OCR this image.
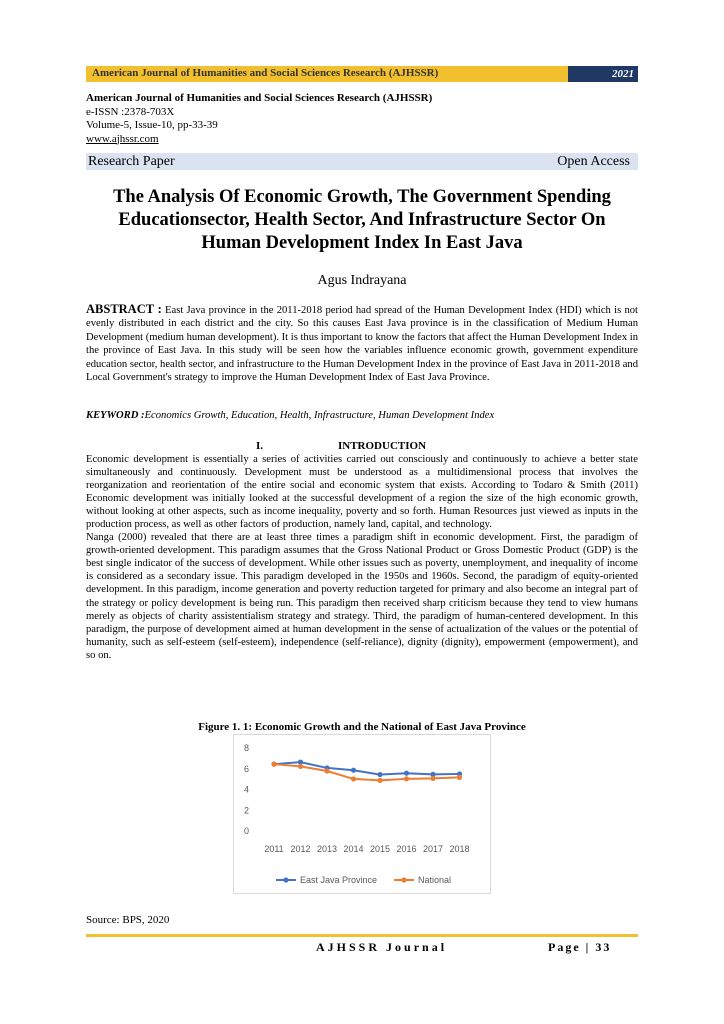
American Journal of Humanities and Social Sciences Research (AJHSSR)	2021
American Journal of Humanities and Social Sciences Research (AJHSSR)
e-ISSN :2378-703X
Volume-5, Issue-10, pp-33-39
www.ajhssr.com
Research Paper	Open Access
The Analysis Of Economic Growth, The Government Spending
Educationsector, Health Sector, And Infrastructure Sector On
Human Development Index In East Java
Agus Indrayana
ABSTRACT : East Java province in the 2011-2018 period had spread of the Human Development Index (HDI) which is not evenly distributed in each district and the city. So this causes East Java province is in the classification of Medium Human Development (medium human development). It is thus important to know the factors that affect the Human Development Index in the province of East Java. In this study will be seen how the variables influence economic growth, government expenditure education sector, health sector, and infrastructure to the Human Development Index in the province of East Java in 2011-2018 and Local Government's strategy to improve the Human Development Index of East Java Province.
KEYWORD :Economics Growth, Education, Health, Infrastructure, Human Development Index
I.	INTRODUCTION

Economic development is essentially a series of activities carried out consciously and continuously to achieve a better state simultaneously and continuously. Development must be understood as a multidimensional process that involves the reorganization and reorientation of the entire social and economic system that exists. According to Todaro & Smith (2011) Economic development was initially looked at the successful development of a region the size of the high economic growth, without looking at other aspects, such as income inequality, poverty and so forth. Human Resources just viewed as inputs in the production process, as well as other factors of production, namely land, capital, and technology.

Nanga (2000) revealed that there are at least three times a paradigm shift in economic development. First, the paradigm of growth-oriented development. This paradigm assumes that the Gross National Product or Gross Domestic Product (GDP) is the best single indicator of the success of development. While other issues such as poverty, unemployment, and inequality of income is considered as a secondary issue. This paradigm developed in the 1950s and 1960s. Second, the paradigm of equity-oriented development. In this paradigm, income generation and poverty reduction targeted for primary and also become an integral part of the strategy or policy development is being run. This paradigm then received sharp criticism because they tend to view humans merely as objects of charity assistentialism strategy and strategy. Third, the paradigm of human-centered development. In this paradigm, the purpose of development aimed at human development in the sense of actualization of the values or the potential of humanity, such as self-esteem (self-esteem), independence (self-reliance), dignity (dignity), empowerment (empowerment), and so on.

Figure 1. 1: Economic Growth and the National of East Java Province
0
2
4
6
8
2011 2012 2013 2014 2015 2016 2017 2018
East Java Province	National
Source: BPS, 2020
AJHSSR Journal	Page | 33
